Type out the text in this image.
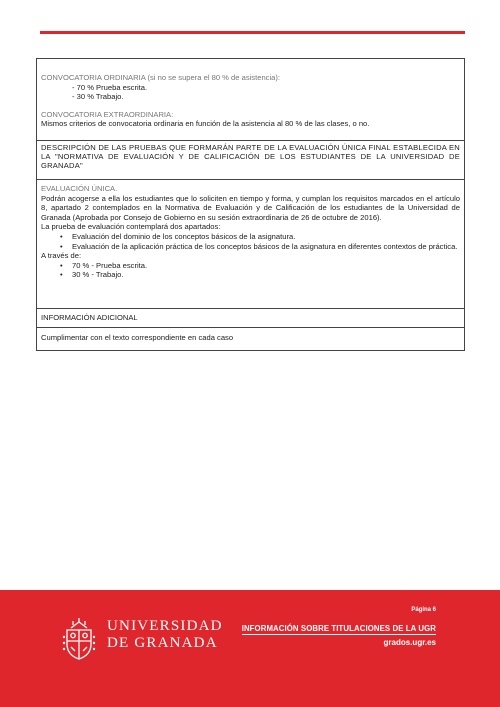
CONVOCATORIA ORDINARIA (si no se supera el 80 % de asistencia):
- 70 % Prueba escrita.
- 30 % Trabajo.
CONVOCATORIA EXTRAORDINARIA:
Mismos criterios de convocatoria ordinaria en función de la asistencia al 80 % de las clases, o no.
DESCRIPCIÓN DE LAS PRUEBAS QUE FORMARÁN PARTE DE LA EVALUACIÓN ÚNICA FINAL ESTABLECIDA EN LA "NORMATIVA DE EVALUACIÓN Y DE CALIFICACIÓN DE LOS ESTUDIANTES DE LA UNIVERSIDAD DE GRANADA"
EVALUACIÓN ÚNICA.
Podrán acogerse a ella los estudiantes que lo soliciten en tiempo y forma, y cumplan los requisitos marcados en el artículo 8, apartado 2 contemplados en la Normativa de Evaluación y de Calificación de los estudiantes de la Universidad de Granada (Aprobada por Consejo de Gobierno en su sesión extraordinaria de 26 de octubre de 2016).
La prueba de evaluación contemplará dos apartados:
• Evaluación del dominio de los conceptos básicos de la asignatura.
• Evaluación de la aplicación práctica de los conceptos básicos de la asignatura en diferentes contextos de práctica.
A través de:
• 70 % - Prueba escrita.
• 30 % - Trabajo.
INFORMACIÓN ADICIONAL
Cumplimentar con el texto correspondiente en cada caso
UNIVERSIDAD
DE GRANADA
Página 6
INFORMACIÓN SOBRE TITULACIONES DE LA UGR
grados.ugr.es
